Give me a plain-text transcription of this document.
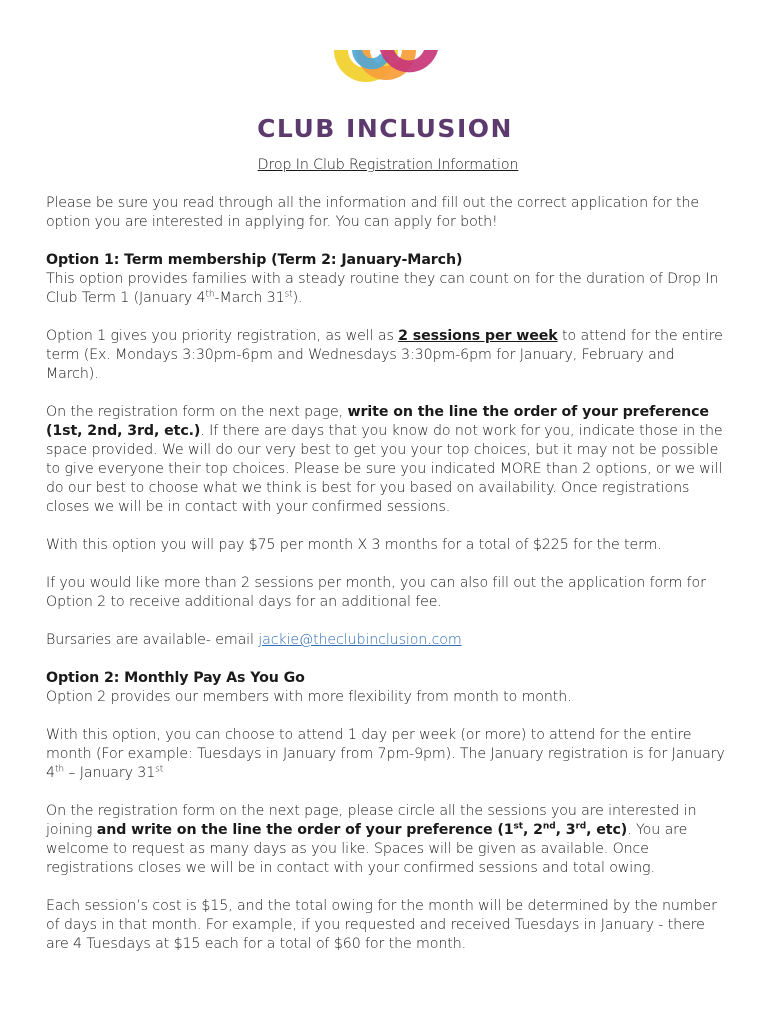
CLUB INCLUSION

Drop In Club Registration Information

Please be sure you read through all the information and fill out the correct application for the option you are interested in applying for. You can apply for both!

Option 1: Term membership (Term 2: January-March)
This option provides families with a steady routine they can count on for the duration of Drop In Club Term 1 (January 4th-March 31st).

Option 1 gives you priority registration, as well as 2 sessions per week to attend for the entire term (Ex. Mondays 3:30pm-6pm and Wednesdays 3:30pm-6pm for January, February and March).

On the registration form on the next page, write on the line the order of your preference (1st, 2nd, 3rd, etc.). If there are days that you know do not work for you, indicate those in the space provided. We will do our very best to get you your top choices, but it may not be possible to give everyone their top choices. Please be sure you indicated MORE than 2 options, or we will do our best to choose what we think is best for you based on availability. Once registrations closes we will be in contact with your confirmed sessions.

With this option you will pay $75 per month X 3 months for a total of $225 for the term.

If you would like more than 2 sessions per month, you can also fill out the application form for Option 2 to receive additional days for an additional fee.

Bursaries are available- email jackie@theclubinclusion.com

Option 2: Monthly Pay As You Go
Option 2 provides our members with more flexibility from month to month.

With this option, you can choose to attend 1 day per week (or more) to attend for the entire month (For example: Tuesdays in January from 7pm-9pm). The January registration is for January 4th – January 31st

On the registration form on the next page, please circle all the sessions you are interested in joining and write on the line the order of your preference (1st, 2nd, 3rd, etc). You are welcome to request as many days as you like. Spaces will be given as available. Once registrations closes we will be in contact with your confirmed sessions and total owing.

Each session’s cost is $15, and the total owing for the month will be determined by the number of days in that month. For example, if you requested and received Tuesdays in January - there are 4 Tuesdays at $15 each for a total of $60 for the month.
